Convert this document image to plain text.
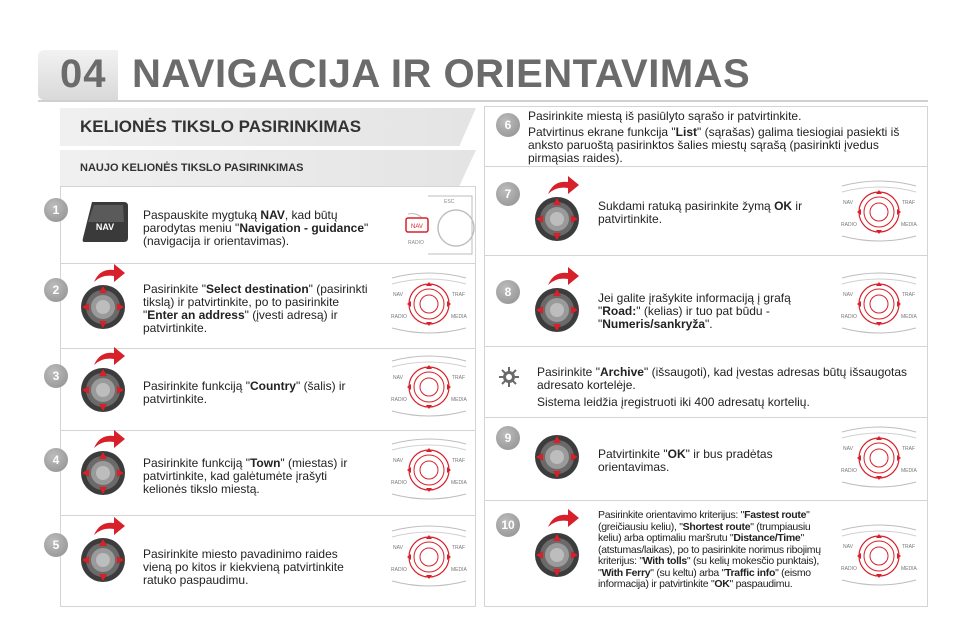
04 NAVIGACIJA IR ORIENTAVIMAS
KELIONĖS TIKSLO PASIRINKIMAS
NAUJO KELIONĖS TIKSLO PASIRINKIMAS
1
2
3
4
5
6
7
8
9
10
NAV	NAV
ESC
RADIO
Paspauskite mygtuką NAV, kad būtų parodytas meniu "Navigation - guidance" (navigacija ir orientavimas).
Pasirinkite "Select destination" (pasirinkti tikslą) ir patvirtinkite, po to pasirinkite "Enter an address" (įvesti adresą) ir patvirtinkite.
Pasirinkite funkciją "Country" (šalis) ir patvirtinkite.
Pasirinkite funkciją "Town" (miestas) ir patvirtinkite, kad galėtumėte įrašyti kelionės tikslo miestą.
Pasirinkite miesto pavadinimo raides vieną po kitos ir kiekvieną patvirtinkite ratuko paspaudimu.

Pasirinkite miestą iš pasiūlyto sąrašo ir patvirtinkite.

Patvirtinus ekrane funkcija "List" (sąrašas) galima tiesiogiai pasiekti iš anksto paruoštą pasirinktos šalies miestų sąrašą (pasirinkti įvedus pirmąsias raides).

Sukdami ratuką pasirinkite žymą OK ir patvirtinkite.
Jei galite įrašykite informaciją į grafą "Road:" (kelias) ir tuo pat būdu - "Numeris/sankryža".

Pasirinkite "Archive" (išsaugoti), kad įvestas adresas būtų išsaugotas adresato kortelėje.

Sistema leidžia įregistruoti iki 400 adresatų kortelių.

Patvirtinkite "OK" ir bus pradėtas orientavimas.
Pasirinkite orientavimo kriterijus: "Fastest route" (greičiausiu keliu), "Shortest route" (trumpiausiu keliu) arba optimaliu maršrutu "Distance/Time" (atstumas/laikas), po to pasirinkite norimus ribojimų kriterijus: "With tolls" (su kelių mokesčio punktais), "With Ferry" (su keltu) arba "Traffic info" (eismo informacija) ir patvirtinkite "OK" paspaudimu.
NAV	TRAF
RADIO	MEDIA
NAV	TRAF
RADIO	MEDIA
NAV	TRAF
RADIO	MEDIA
NAV	TRAF
RADIO	MEDIA
NAV	TRAF
RADIO	MEDIA
NAV	TRAF
RADIO	MEDIA
NAV	TRAF
RADIO	MEDIA
NAV	TRAF
RADIO	MEDIA
